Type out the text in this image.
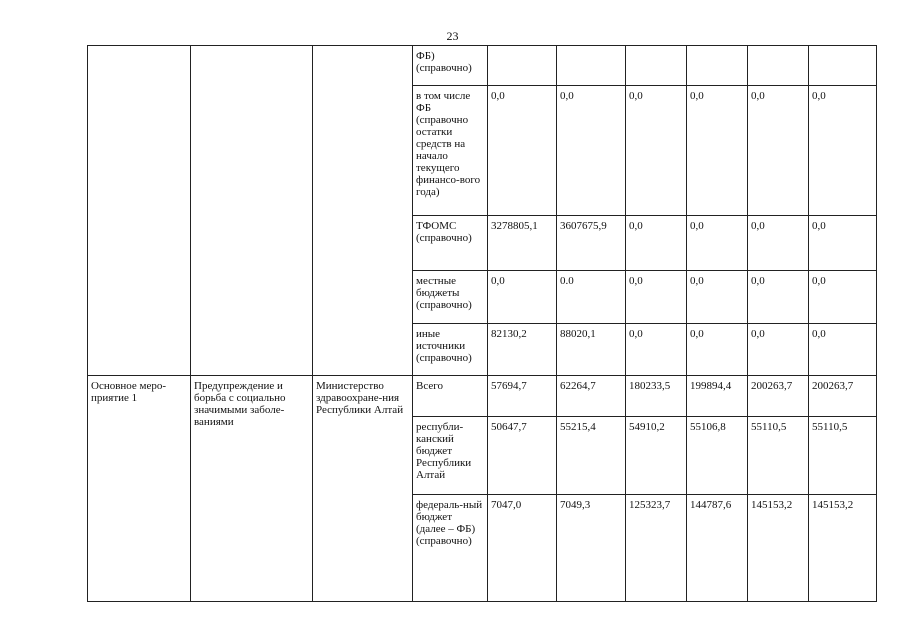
23
			ФБ) (справочно)						
			в том числе ФБ (справочно остатки средств на начало текущего финансо-вого года)	0,0	0,0	0,0	0,0	0,0	0,0
			ТФОМС (справочно)	3278805,1	3607675,9	0,0	0,0	0,0	0,0
			местные бюджеты (справочно)	0,0	0.0	0,0	0,0	0,0	0,0
			иные источники (справочно)	82130,2	88020,1	0,0	0,0	0,0	0,0
Основное меро-приятие 1	Предупреждение и борьба с социально значимыми заболе-ваниями	Министерство здравоохране-ния Республики Алтай	Всего	57694,7	62264,7	180233,5	199894,4	200263,7	200263,7
			республи-канский бюджет Республики Алтай	50647,7	55215,4	54910,2	55106,8	55110,5	55110,5
			федераль-ный бюджет (далее – ФБ) (справочно)	7047,0	7049,3	125323,7	144787,6	145153,2	145153,2
